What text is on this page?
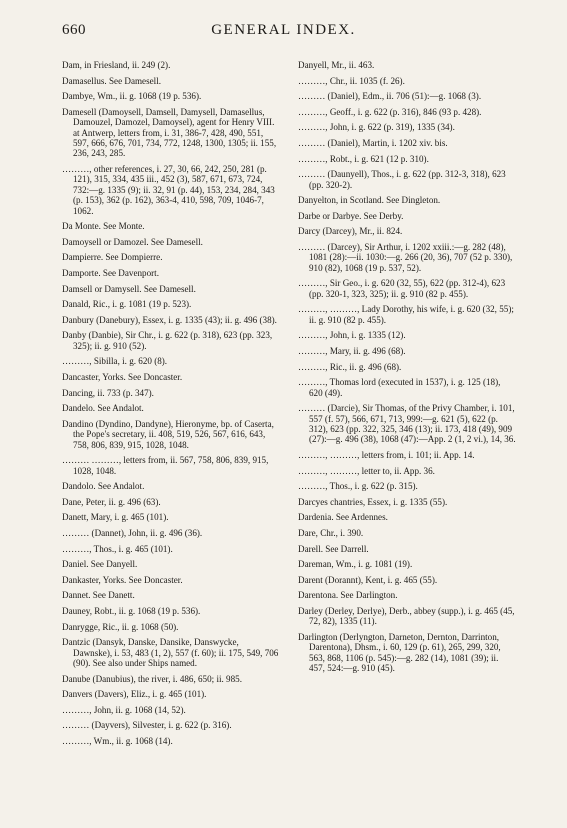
660	GENERAL INDEX.

Dam, in Friesland, ii. 249 (2).

Damasellus. See Damesell.

Dambye, Wm., ii. g. 1068 (19 p. 536).

Damesell (Damoysell, Damsell, Damysell, Damasellus, Damouzel, Damozel, Damoysel), agent for Henry VIII. at Antwerp, letters from, i. 31, 386-7, 428, 490, 551, 597, 666, 676, 701, 734, 772, 1248, 1300, 1305; ii. 155, 236, 243, 285.

………, other references, i. 27, 30, 66, 242, 250, 281 (p. 121), 315, 334, 435 iii., 452 (3), 587, 671, 673, 724, 732:—g. 1335 (9); ii. 32, 91 (p. 44), 153, 234, 284, 343 (p. 153), 362 (p. 162), 363-4, 410, 598, 709, 1046-7, 1062.

Da Monte. See Monte.

Damoysell or Damozel. See Damesell.

Dampierre. See Dompierre.

Damporte. See Davenport.

Damsell or Damysell. See Damesell.

Danald, Ric., i. g. 1081 (19 p. 523).

Danbury (Danebury), Essex, i. g. 1335 (43); ii. g. 496 (38).

Danby (Danbie), Sir Chr., i. g. 622 (p. 318), 623 (pp. 323, 325); ii. g. 910 (52).

………, Sibilla, i. g. 620 (8).

Dancaster, Yorks. See Doncaster.

Dancing, ii. 733 (p. 347).

Dandelo. See Andalot.

Dandino (Dyndino, Dandyne), Hieronyme, bp. of Caserta, the Pope's secretary, ii. 408, 519, 526, 567, 616, 643, 758, 806, 839, 915, 1028, 1048.

……… ………, letters from, ii. 567, 758, 806, 839, 915, 1028, 1048.

Dandolo. See Andalot.

Dane, Peter, ii. g. 496 (63).

Danett, Mary, i. g. 465 (101).

……… (Dannet), John, ii. g. 496 (36).

………, Thos., i. g. 465 (101).

Daniel. See Danyell.

Dankaster, Yorks. See Doncaster.

Dannet. See Danett.

Dauney, Robt., ii. g. 1068 (19 p. 536).

Danrygge, Ric., ii. g. 1068 (50).

Dantzic (Dansyk, Danske, Dansike, Danswycke, Dawnske), i. 53, 483 (1, 2), 557 (f. 60); ii. 175, 549, 706 (90). See also under Ships named.

Danube (Danubius), the river, i. 486, 650; ii. 985.

Danvers (Davers), Eliz., i. g. 465 (101).

………, John, ii. g. 1068 (14, 52).

……… (Dayvers), Silvester, i. g. 622 (p. 316).

………, Wm., ii. g. 1068 (14).

Danyell, Mr., ii. 463.

………, Chr., ii. 1035 (f. 26).

……… (Daniel), Edm., ii. 706 (51):—g. 1068 (3).

………, Geoff., i. g. 622 (p. 316), 846 (93 p. 428).

………, John, i. g. 622 (p. 319), 1335 (34).

……… (Daniel), Martin, i. 1202 xiv. bis.

………, Robt., i. g. 621 (12 p. 310).

……… (Daunyell), Thos., i. g. 622 (pp. 312-3, 318), 623 (pp. 320-2).

Danyelton, in Scotland. See Dingleton.

Darbe or Darbye. See Derby.

Darcy (Darcey), Mr., ii. 824.

……… (Darcey), Sir Arthur, i. 1202 xxiii.:—g. 282 (48), 1081 (28):—ii. 1030:—g. 266 (20, 36), 707 (52 p. 330), 910 (82), 1068 (19 p. 537, 52).

………, Sir Geo., i. g. 620 (32, 55), 622 (pp. 312-4), 623 (pp. 320-1, 323, 325); ii. g. 910 (82 p. 455).

………, ………, Lady Dorothy, his wife, i. g. 620 (32, 55); ii. g. 910 (82 p. 455).

………, John, i. g. 1335 (12).

………, Mary, ii. g. 496 (68).

………, Ric., ii. g. 496 (68).

………, Thomas lord (executed in 1537), i. g. 125 (18), 620 (49).

……… (Darcie), Sir Thomas, of the Privy Chamber, i. 101, 557 (f. 57), 566, 671, 713, 999:—g. 621 (5), 622 (p. 312), 623 (pp. 322, 325, 346 (13); ii. 173, 418 (49), 909 (27):—g. 496 (38), 1068 (47):—App. 2 (1, 2 vi.), 14, 36.

………, ………, letters from, i. 101; ii. App. 14.

………, ………, letter to, ii. App. 36.

………, Thos., i. g. 622 (p. 315).

Darcyes chantries, Essex, i. g. 1335 (55).

Dardenia. See Ardennes.

Dare, Chr., i. 390.

Darell. See Darrell.

Dareman, Wm., i. g. 1081 (19).

Darent (Dorannt), Kent, i. g. 465 (55).

Darentona. See Darlington.

Darley (Derley, Derlye), Derb., abbey (supp.), i. g. 465 (45, 72, 82), 1335 (11).

Darlington (Derlyngton, Darneton, Dernton, Darrinton, Darentona), Dhsm., i. 60, 129 (p. 61), 265, 299, 320, 563, 868, 1106 (p. 545):—g. 282 (14), 1081 (39); ii. 457, 524:—g. 910 (45).
